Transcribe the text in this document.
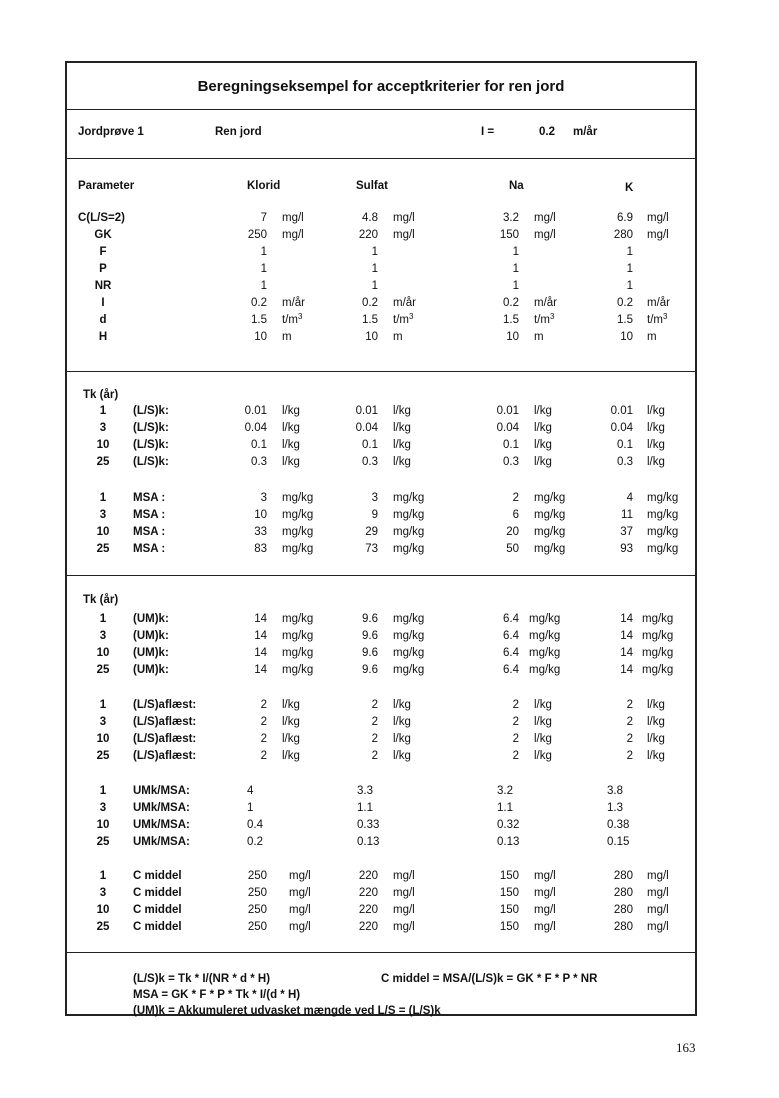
Beregningseksempel for acceptkriterier for ren jord
Jordprøve 1	Ren jord	I =	0.2 m/år
Parameter	Klorid	Sulfat	Na	K
C(L/S=2)	7 mg/l	4.8 mg/l	3.2 mg/l	6.9 mg/l
GK	250 mg/l	220 mg/l	150 mg/l	280 mg/l
F	1	1	1	1
P	1	1	1	1
NR	1	1	1	1
I	0.2 m/år	0.2 m/år	0.2 m/år	0.2 m/år
d	1.5 $t/m^3$	1.5 $t/m^3$	1.5 $t/m^3$	1.5 $t/m^3$
H	10 m	10 m	10 m	10 m
Tk (år)
1	(L/S)k:	0.01 l/kg	0.01 l/kg	0.01 l/kg	0.01 l/kg
3	(L/S)k:	0.04 l/kg	0.04 l/kg	0.04 l/kg	0.04 l/kg
10	(L/S)k:	0.1 l/kg	0.1 l/kg	0.1 l/kg	0.1 l/kg
25	(L/S)k:	0.3 l/kg	0.3 l/kg	0.3 l/kg	0.3 l/kg
1	MSA :	3 mg/kg	3 mg/kg	2 mg/kg	4 mg/kg
3	MSA :	10 mg/kg	9 mg/kg	6 mg/kg	11 mg/kg
10	MSA :	33 mg/kg	29 mg/kg	20 mg/kg	37 mg/kg
25	MSA :	83 mg/kg	73 mg/kg	50 mg/kg	93 mg/kg
Tk (år)
1	(UM)k:	14 mg/kg	9.6 mg/kg	6.4 mg/kg	14 mg/kg
3	(UM)k:	14 mg/kg	9.6 mg/kg	6.4 mg/kg	14 mg/kg
10	(UM)k:	14 mg/kg	9.6 mg/kg	6.4 mg/kg	14 mg/kg
25	(UM)k:	14 mg/kg	9.6 mg/kg	6.4 mg/kg	14 mg/kg
1	(L/S)aflæst:	2 l/kg	2 l/kg	2 l/kg	2 l/kg
3	(L/S)aflæst:	2 l/kg	2 l/kg	2 l/kg	2 l/kg
10	(L/S)aflæst:	2 l/kg	2 l/kg	2 l/kg	2 l/kg
25	(L/S)aflæst:	2 l/kg	2 l/kg	2 l/kg	2 l/kg
1	UMk/MSA:	4	3.3	3.2	3.8
3	UMk/MSA:	1	1.1	1.1	1.3
10	UMk/MSA:	0.4	0.33	0.32	0.38
25	UMk/MSA:	0.2	0.13	0.13	0.15
1	C middel	250 mg/l	220 mg/l	150 mg/l	280 mg/l
3	C middel	250 mg/l	220 mg/l	150 mg/l	280 mg/l
10	C middel	250 mg/l	220 mg/l	150 mg/l	280 mg/l
25	C middel	250 mg/l	220 mg/l	150 mg/l	280 mg/l
(L/S)k = Tk * I/(NR * d * H)	C middel = MSA/(L/S)k = GK * F * P * NR
MSA = GK * F * P * Tk * I/(d * H)
(UM)k = Akkumuleret udvasket mængde ved L/S = (L/S)k
163
